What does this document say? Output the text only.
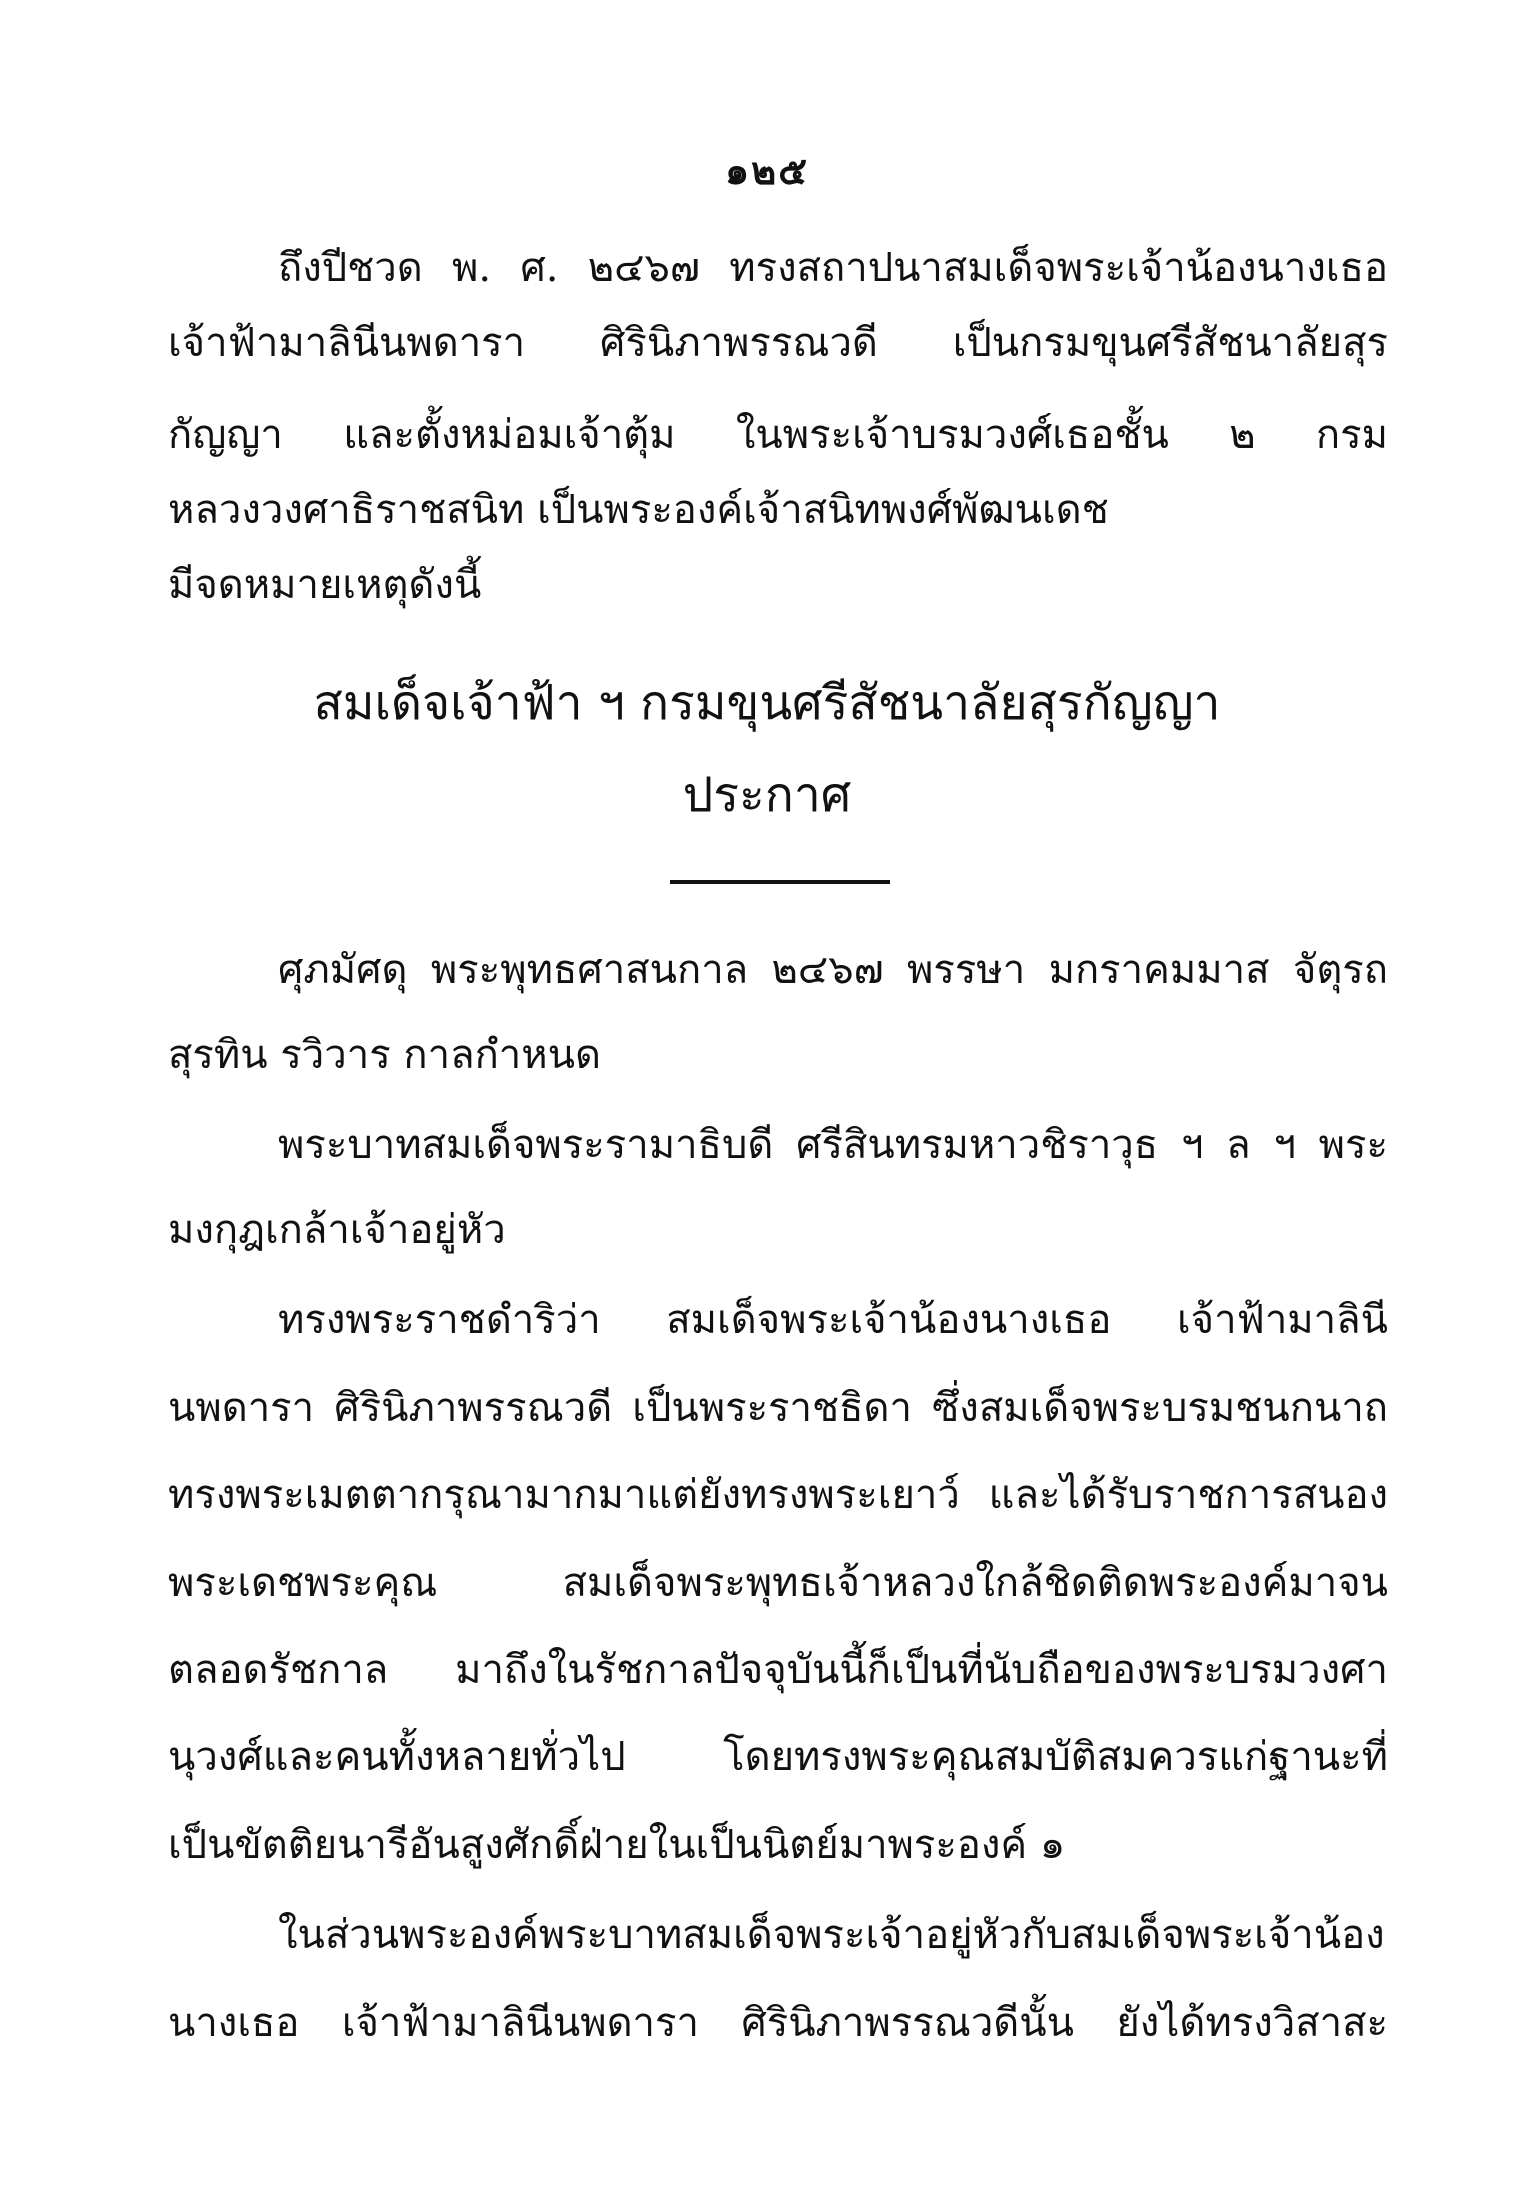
๑๒๕
ถึงปีชวด พ. ศ. ๒๔๖๗ ทรงสถาปนาสมเด็จพระเจ้าน้องนางเธอ
เจ้าฟ้ามาลินีนพดารา ศิรินิภาพรรณวดี เป็นกรมขุนศรีสัชนาลัยสุร
กัญญา และตั้งหม่อมเจ้าตุ้ม ในพระเจ้าบรมวงศ์เธอชั้น ๒ กรม
หลวงวงศาธิราชสนิท เป็นพระองค์เจ้าสนิทพงศ์พัฒนเดช
มีจดหมายเหตุดังนี้
สมเด็จเจ้าฟ้า ฯ กรมขุนศรีสัชนาลัยสุรกัญญา
ประกาศ
ศุภมัศดุ พระพุทธศาสนกาล ๒๔๖๗ พรรษา มกราคมมาส จัตุรถ
สุรทิน รวิวาร กาลกำหนด
พระบาทสมเด็จพระรามาธิบดี ศรีสินทรมหาวชิราวุธ ฯ ล ฯ พระ
มงกุฎเกล้าเจ้าอยู่หัว
ทรงพระราชดำริว่า สมเด็จพระเจ้าน้องนางเธอ เจ้าฟ้ามาลินี
นพดารา ศิรินิภาพรรณวดี เป็นพระราชธิดา ซึ่งสมเด็จพระบรมชนกนาถ
ทรงพระเมตตากรุณามากมาแต่ยังทรงพระเยาว์ และได้รับราชการสนอง
พระเดชพระคุณ สมเด็จพระพุทธเจ้าหลวงใกล้ชิดติดพระองค์มาจน
ตลอดรัชกาล มาถึงในรัชกาลปัจจุบันนี้ก็เป็นที่นับถือของพระบรมวงศา
นุวงศ์และคนทั้งหลายทั่วไป โดยทรงพระคุณสมบัติสมควรแก่ฐานะที่
เป็นขัตติยนารีอันสูงศักดิ์ฝ่ายในเป็นนิตย์มาพระองค์ ๑
ในส่วนพระองค์พระบาทสมเด็จพระเจ้าอยู่หัวกับสมเด็จพระเจ้าน้อง
นางเธอ เจ้าฟ้ามาลินีนพดารา ศิรินิภาพรรณวดีนั้น ยังได้ทรงวิสาสะ
